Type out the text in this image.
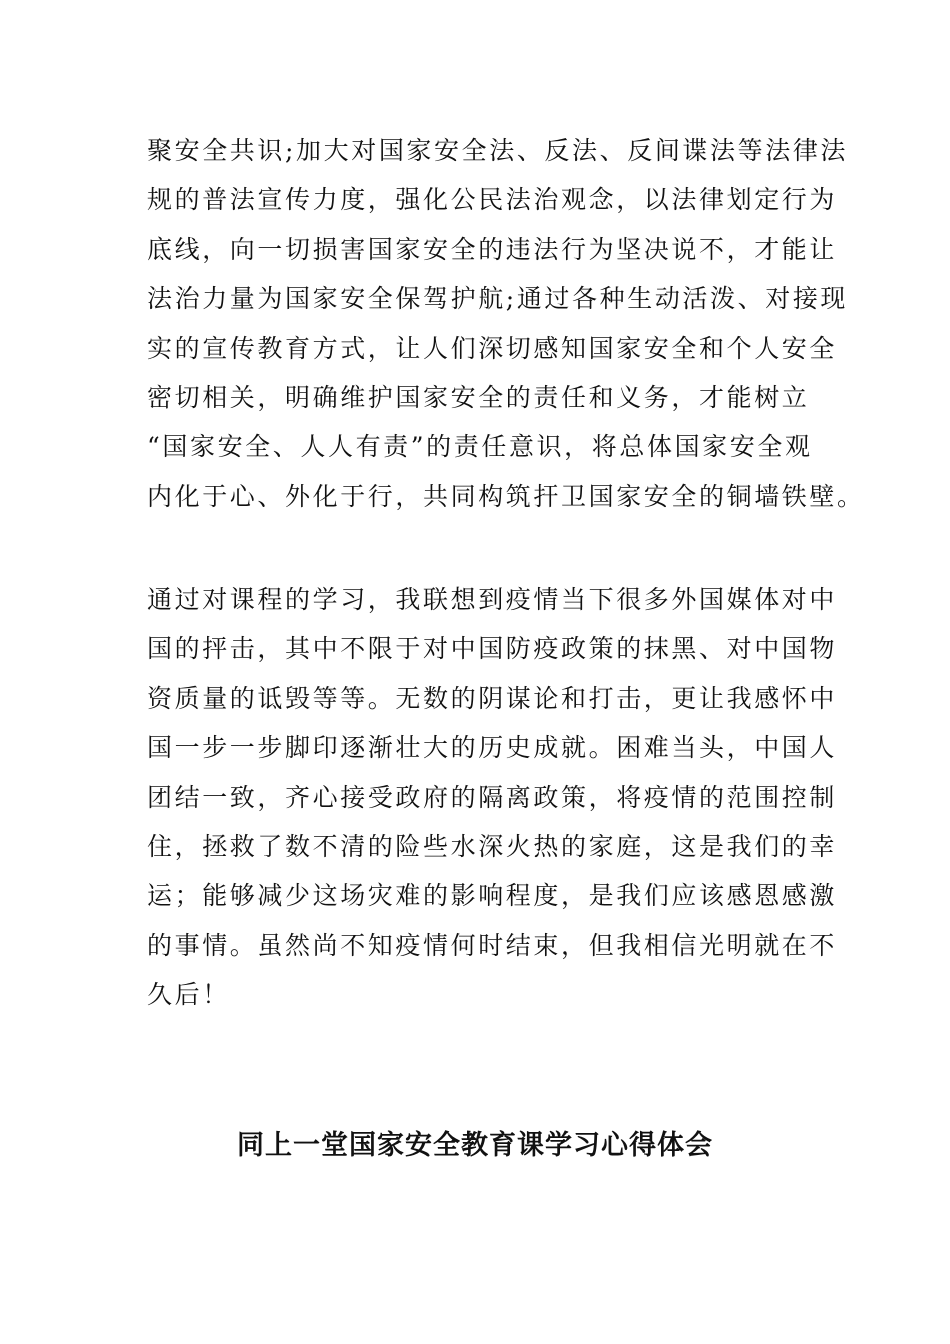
聚安全共识;加大对国家安全法、反法、反间谍法等法律法
规的普法宣传力度，强化公民法治观念，以法律划定行为
底线，向一切损害国家安全的违法行为坚决说不，才能让
法治力量为国家安全保驾护航;通过各种生动活泼、对接现
实的宣传教育方式，让人们深切感知国家安全和个人安全
密切相关，明确维护国家安全的责任和义务，才能树立
“国家安全、人人有责”的责任意识，将总体国家安全观
内化于心、外化于行，共同构筑扞卫国家安全的铜墙铁壁。
通过对课程的学习，我联想到疫情当下很多外国媒体对中
国的抨击，其中不限于对中国防疫政策的抹黑、对中国物
资质量的诋毁等等。无数的阴谋论和打击，更让我感怀中
国一步一步脚印逐渐壮大的历史成就。困难当头，中国人
团结一致，齐心接受政府的隔离政策，将疫情的范围控制
住，拯救了数不清的险些水深火热的家庭，这是我们的幸
运；能够减少这场灾难的影响程度，是我们应该感恩感激
的事情。虽然尚不知疫情何时结束，但我相信光明就在不
久后！
同上一堂国家安全教育课学习心得体会
